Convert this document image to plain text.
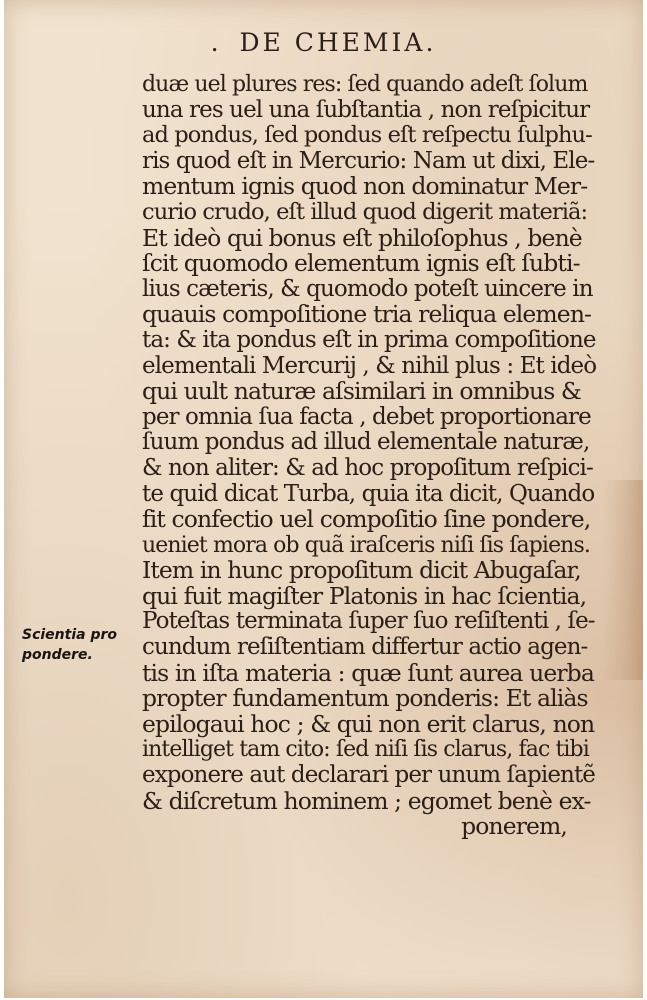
. DE CHEMIA.
Scientia pro
pondere.
duæ uel plures res: ſed quando adeſt ſolum
una res uel una ſubſtantia , non reſpicitur
ad pondus, ſed pondus eſt reſpectu ſulphu-
ris quod eſt in Mercurio: Nam ut dixi, Ele-
mentum ignis quod non dominatur Mer-
curio crudo, eſt illud quod digerit materiã:
Et ideò qui bonus eſt philoſophus , benè
ſcit quomodo elementum ignis eſt ſubti-
lius cæteris, & quomodo poteſt uincere in
quauis compoſitione tria reliqua elemen-
ta: & ita pondus eſt in prima compoſitione
elementali Mercurij , & nihil plus : Et ideò
qui uult naturæ aſsimilari in omnibus &
per omnia ſua facta , debet proportionare
ſuum pondus ad illud elementale naturæ,
& non aliter: & ad hoc propoſitum reſpici-
te quid dicat Turba, quia ita dicit, Quando
fit confectio uel compoſitio ſine pondere,
ueniet mora ob quã iraſceris niſi ſis ſapiens.
Item in hunc propoſitum dicit Abugaſar,
qui fuit magiſter Platonis in hac ſcientia,
Poteſtas terminata ſuper ſuo reſiſtenti , ſe-
cundum reſiſtentiam differtur actio agen-
tis in iſta materia : quæ ſunt aurea uerba
propter fundamentum ponderis: Et aliàs
epilogaui hoc ; & qui non erit clarus, non
intelliget tam cito: ſed niſi ſis clarus, fac tibi
exponere aut declarari per unum ſapientẽ
& diſcretum hominem ; egomet benè ex-
ponerem,
